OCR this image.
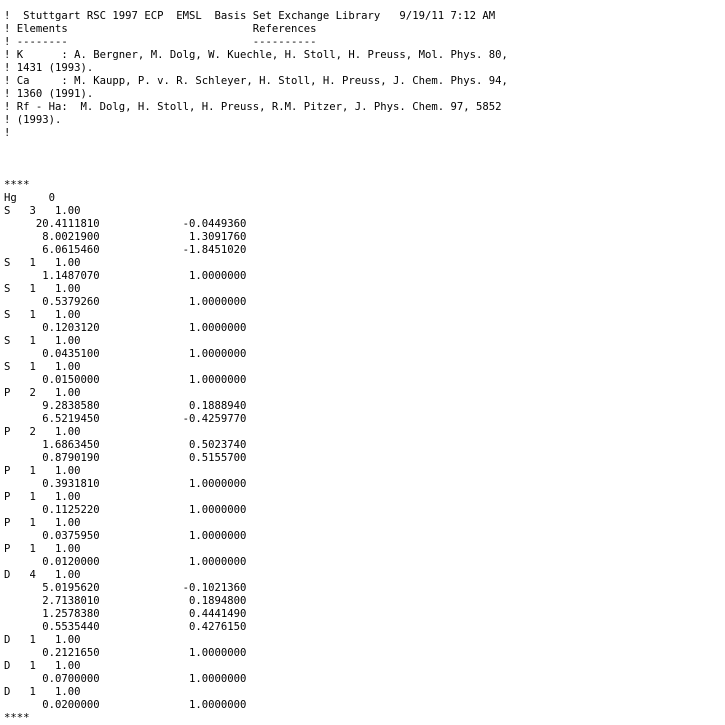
!  Stuttgart RSC 1997 ECP  EMSL  Basis Set Exchange Library   9/19/11 7:12 AM
! Elements                             References
! --------                             ----------
! K      : A. Bergner, M. Dolg, W. Kuechle, H. Stoll, H. Preuss, Mol. Phys. 80,
! 1431 (1993).
! Ca     : M. Kaupp, P. v. R. Schleyer, H. Stoll, H. Preuss, J. Chem. Phys. 94,
! 1360 (1991).
! Rf - Ha:  M. Dolg, H. Stoll, H. Preuss, R.M. Pitzer, J. Phys. Chem. 97, 5852
! (1993).
!
****
Hg     0
S   3   1.00
20.4111810             -0.0449360
8.0021900              1.3091760
6.0615460             -1.8451020
S   1   1.00
1.1487070              1.0000000
S   1   1.00
0.5379260              1.0000000
S   1   1.00
0.1203120              1.0000000
S   1   1.00
0.0435100              1.0000000
S   1   1.00
0.0150000              1.0000000
P   2   1.00
9.2838580              0.1888940
6.5219450             -0.4259770
P   2   1.00
1.6863450              0.5023740
0.8790190              0.5155700
P   1   1.00
0.3931810              1.0000000
P   1   1.00
0.1125220              1.0000000
P   1   1.00
0.0375950              1.0000000
P   1   1.00
0.0120000              1.0000000
D   4   1.00
5.0195620             -0.1021360
2.7138010              0.1894800
1.2578380              0.4441490
0.5535440              0.4276150
D   1   1.00
0.2121650              1.0000000
D   1   1.00
0.0700000              1.0000000
D   1   1.00
0.0200000              1.0000000
****
